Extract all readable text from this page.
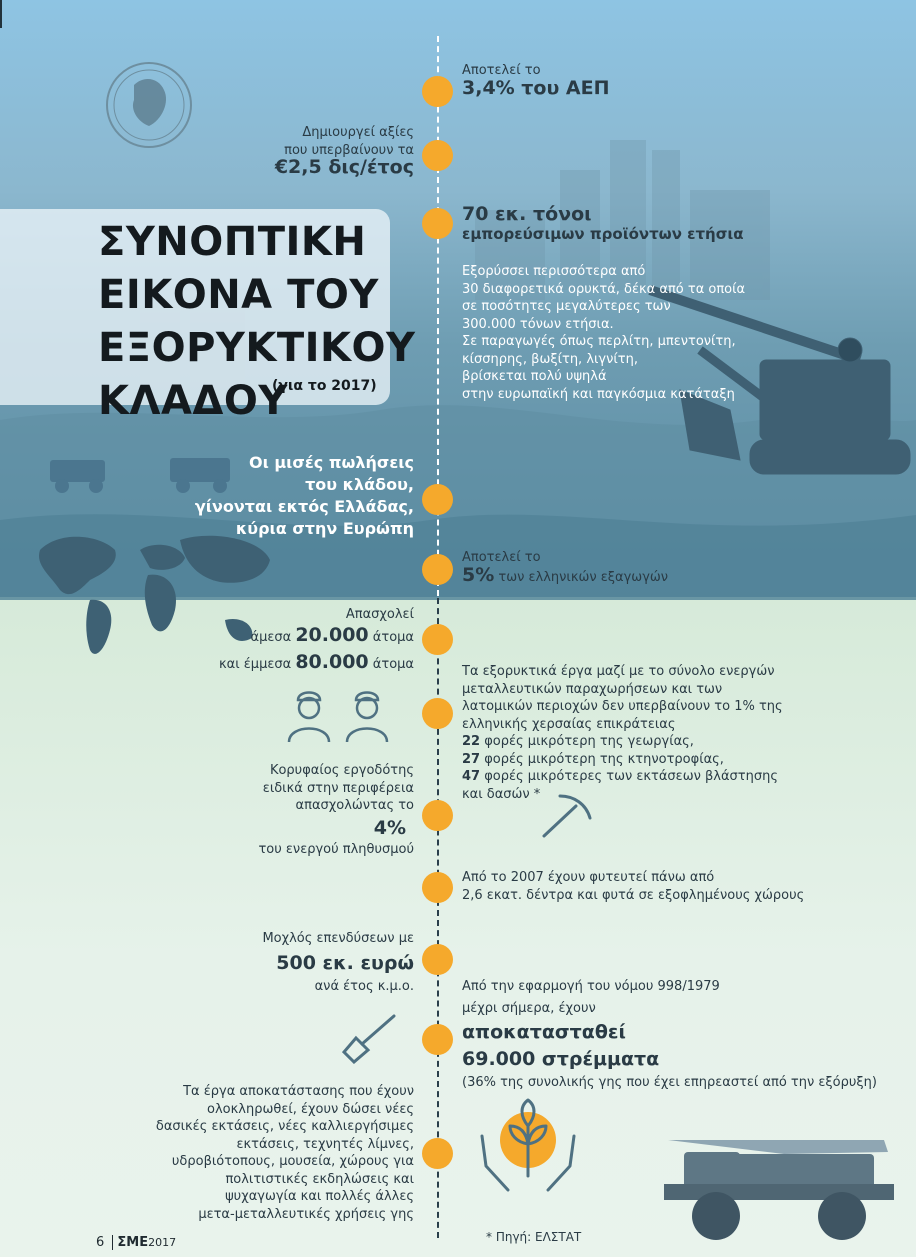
ΣΥΝΟΠΤΙΚΗ
ΕΙΚΟΝΑ ΤΟΥ
ΕΞΟΡΥΚΤΙΚΟΥ
ΚΛΑΔΟΥ
(για το 2017)
Αποτελεί το
3,4% του ΑΕΠ
Δημιουργεί αξίες
που υπερβαίνουν τα
€2,5 δις/έτος
70 εκ. τόνοι
εμπορεύσιμων προϊόντων ετήσια
Εξορύσσει περισσότερα από
30 διαφορετικά ορυκτά, δέκα από τα οποία
σε ποσότητες μεγαλύτερες των
300.000 τόνων ετήσια.
Σε παραγωγές όπως περλίτη, μπεντονίτη,
κίσσηρης, βωξίτη, λιγνίτη,
βρίσκεται πολύ υψηλά
στην ευρωπαϊκή και παγκόσμια κατάταξη
Οι μισές πωλήσεις
του κλάδου,
γίνονται εκτός Ελλάδας,
κύρια στην Ευρώπη
Αποτελεί το
5% των ελληνικών εξαγωγών
Απασχολεί
άμεσα 20.000 άτομα
και έμμεσα 80.000 άτομα	Τα εξορυκτικά έργα μαζί με το σύνολο ενεργών
μεταλλευτικών παραχωρήσεων και των
λατομικών περιοχών δεν υπερβαίνουν το 1% της
ελληνικής χερσαίας επικράτειας
22 φορές μικρότερη της γεωργίας,
27 φορές μικρότερη της κτηνοτροφίας,
47 φορές μικρότερες των εκτάσεων βλάστησης
και δασών *
Κορυφαίος εργοδότης
ειδικά στην περιφέρεια
απασχολώντας το
4%
του ενεργού πληθυσμού
Από το 2007 έχουν φυτευτεί πάνω από
2,6 εκατ. δέντρα και φυτά σε εξοφλημένους χώρους
Μοχλός επενδύσεων με
500 εκ. ευρώ
ανά έτος κ.μ.ο.	Από την εφαρμογή του νόμου 998/1979
μέχρι σήμερα, έχουν
αποκατασταθεί
69.000 στρέμματα
(36% της συνολικής γης που έχει επηρεαστεί από την εξόρυξη)
Τα έργα αποκατάστασης που έχουν
ολοκληρωθεί, έχουν δώσει νέες
δασικές εκτάσεις, νέες καλλιεργήσιμες
εκτάσεις, τεχνητές λίμνες,
υδροβιότοπους, μουσεία, χώρους για
πολιτιστικές εκδηλώσεις και
ψυχαγωγία και πολλές άλλες
μετα-μεταλλευτικές χρήσεις γης
6 ΣΜΕ2017	* Πηγή: ΕΛΣΤΑΤ
